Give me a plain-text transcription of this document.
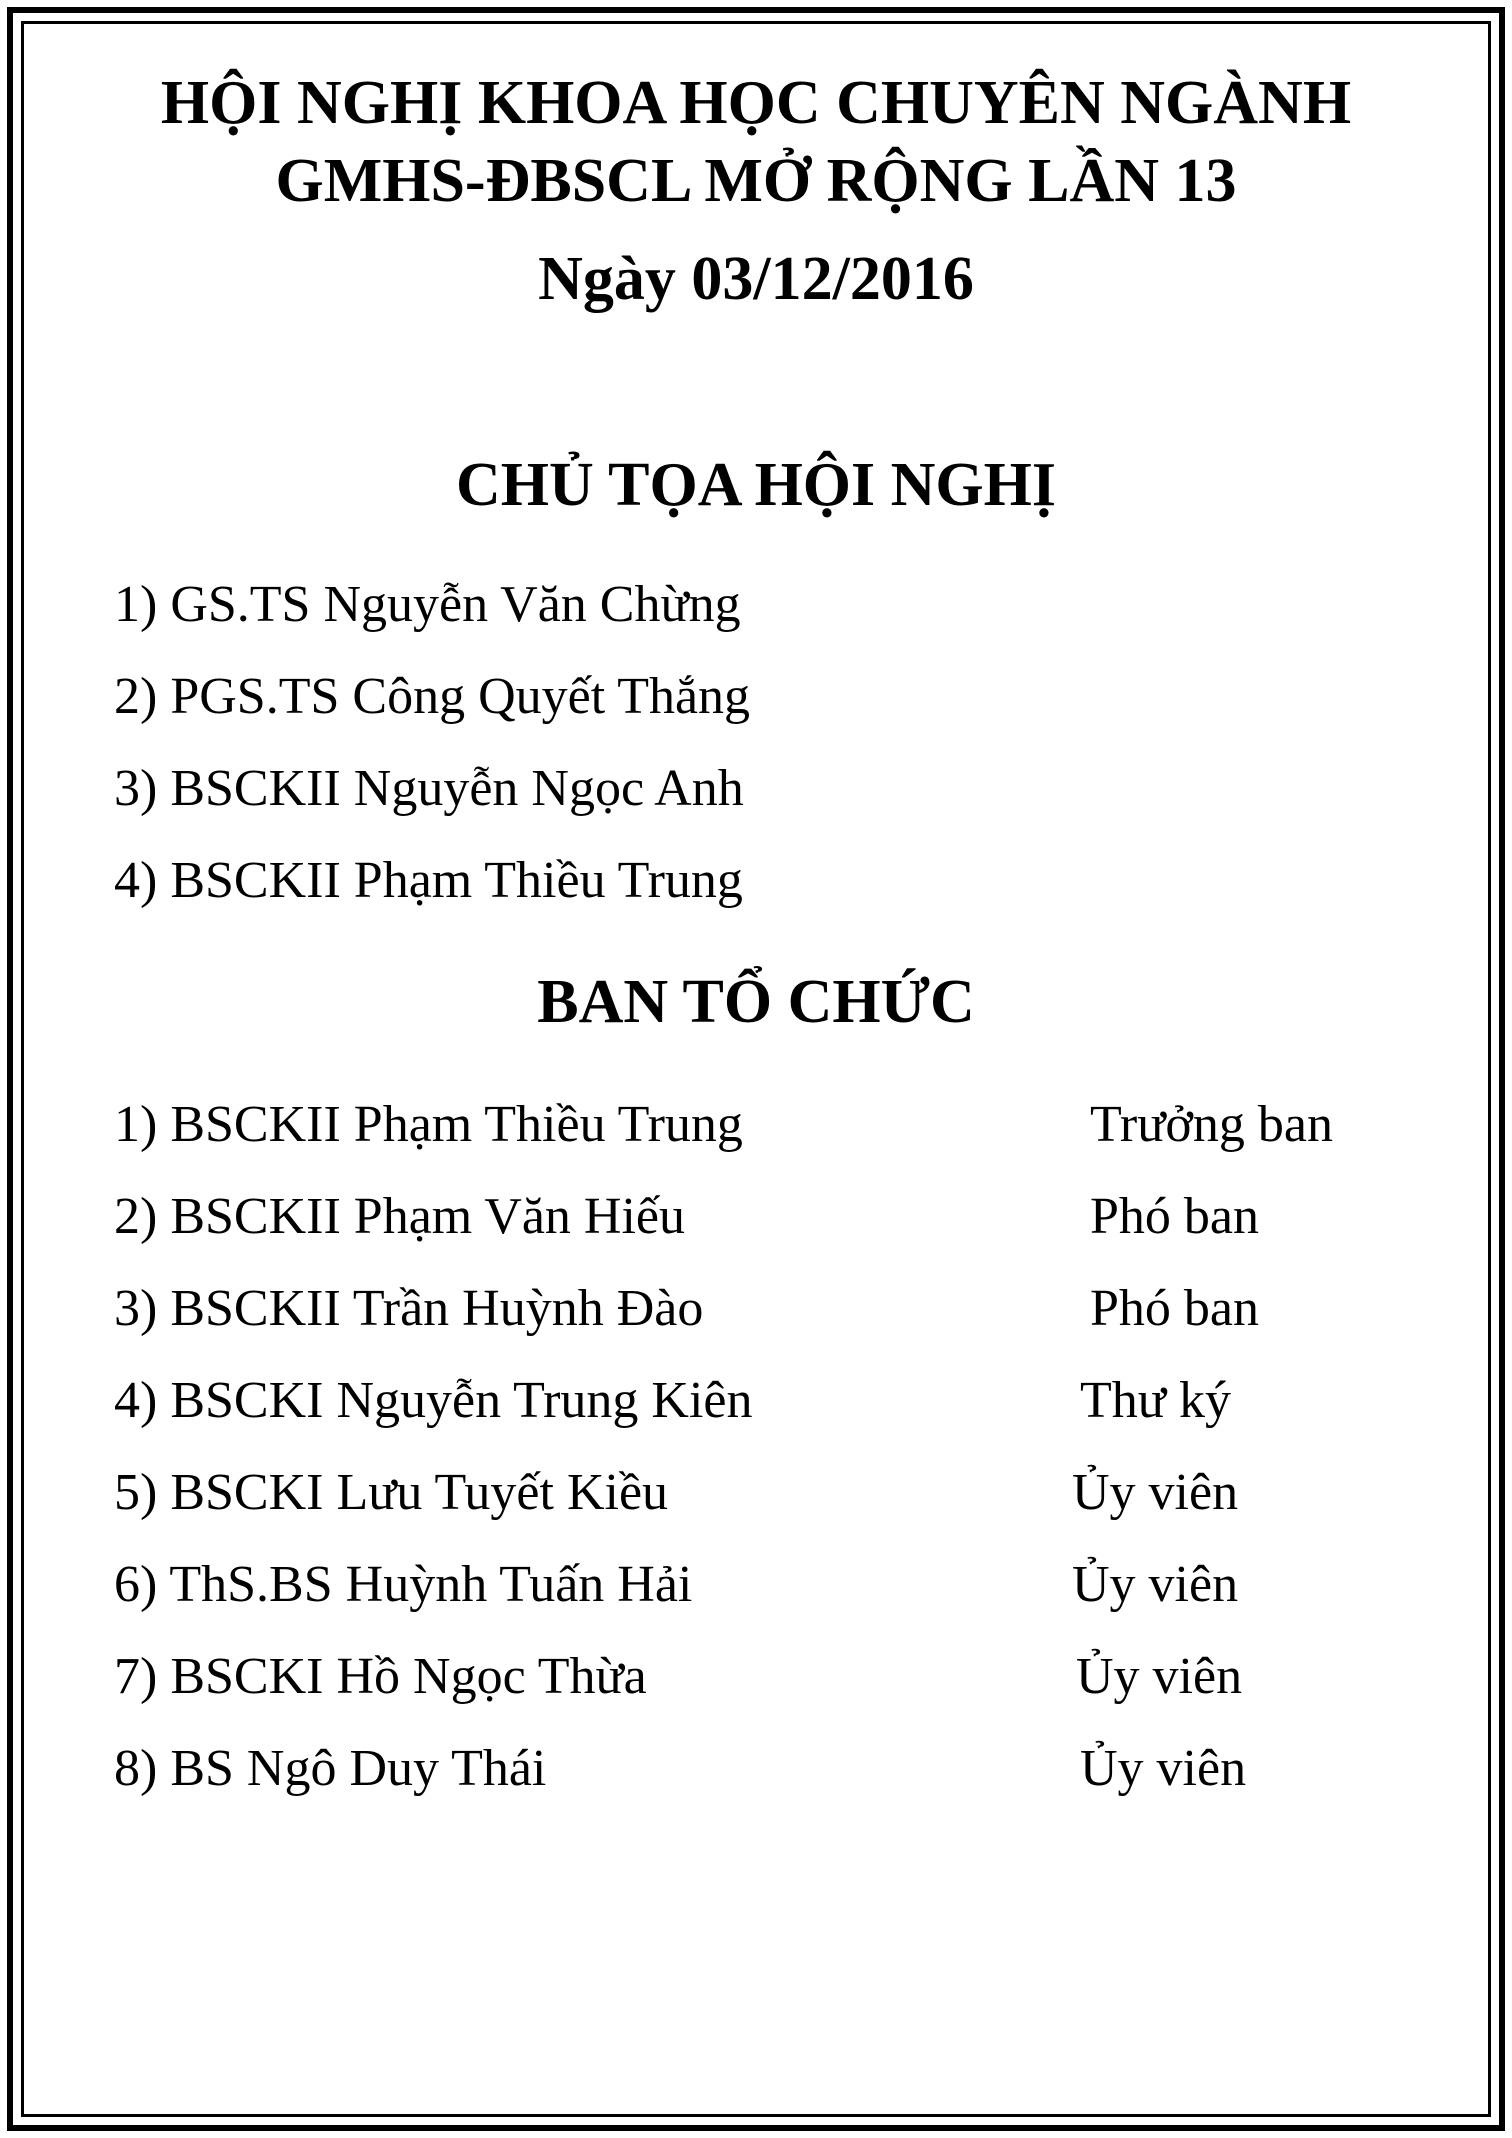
HỘI NGHỊ KHOA HỌC CHUYÊN NGÀNH
GMHS-ĐBSCL MỞ RỘNG LẦN 13
Ngày 03/12/2016
CHỦ TỌA HỘI NGHỊ
1) GS.TS Nguyễn Văn Chừng
2) PGS.TS Công Quyết Thắng
3) BSCKII Nguyễn Ngọc Anh
4) BSCKII Phạm Thiều Trung
BAN TỔ CHỨC
1) BSCKII Phạm Thiều Trung	Trưởng ban
2) BSCKII Phạm Văn Hiếu	Phó ban
3) BSCKII Trần Huỳnh Đào	Phó ban
4) BSCKI Nguyễn Trung Kiên	Thư ký
5) BSCKI Lưu Tuyết Kiều	Ủy viên
6) ThS.BS Huỳnh Tuấn Hải	Ủy viên
7) BSCKI Hồ Ngọc Thừa	Ủy viên
8) BS Ngô Duy Thái	Ủy viên
